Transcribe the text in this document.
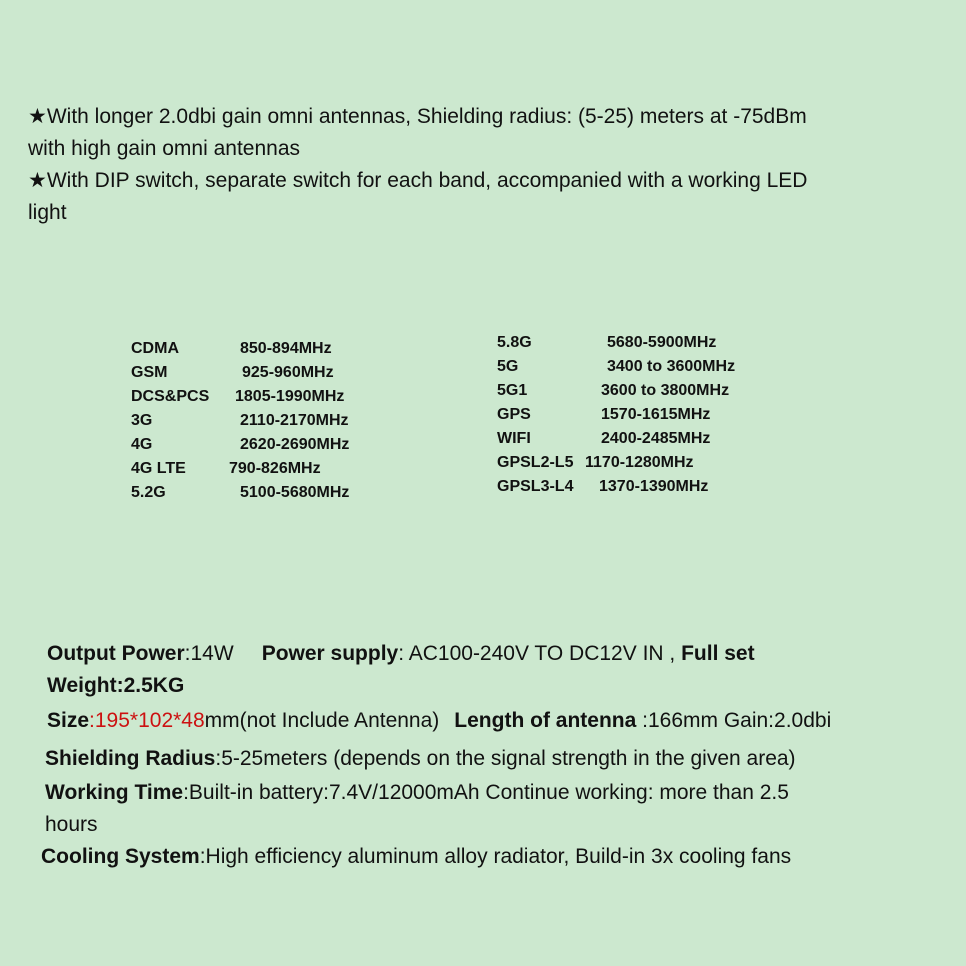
★With longer 2.0dbi gain omni antennas, Shielding radius: (5-25) meters at -75dBm
with high gain omni antennas

★With DIP switch, separate switch for each band, accompanied with a working LED
light

CDMA	850-894MHz
GSM	925-960MHz
DCS&PCS 1805-1990MHz
3G	2110-2170MHz
4G	2620-2690MHz
4G LTE	790-826MHz
5.2G	5100-5680MHz
5.8G	5680-5900MHz
5G	3400 to 3600MHz
5G1	3600 to 3800MHz
GPS	1570-1615MHz
WIFI	2400-2485MHz
GPSL2-L5 1170-1280MHz
GPSL3-L4 1370-1390MHz
Output Power:14W Power supply: AC100-240V TO DC12V IN , Full set
Weight:2.5KG
Size:195*102*48mm(not Include Antenna) Length of antenna :166mm Gain:2.0dbi
Shielding Radius:5-25meters (depends on the signal strength in the given area)
Working Time:Built-in battery:7.4V/12000mAh Continue working: more than 2.5
hours
Cooling System:High efficiency aluminum alloy radiator, Build-in 3x cooling fans
